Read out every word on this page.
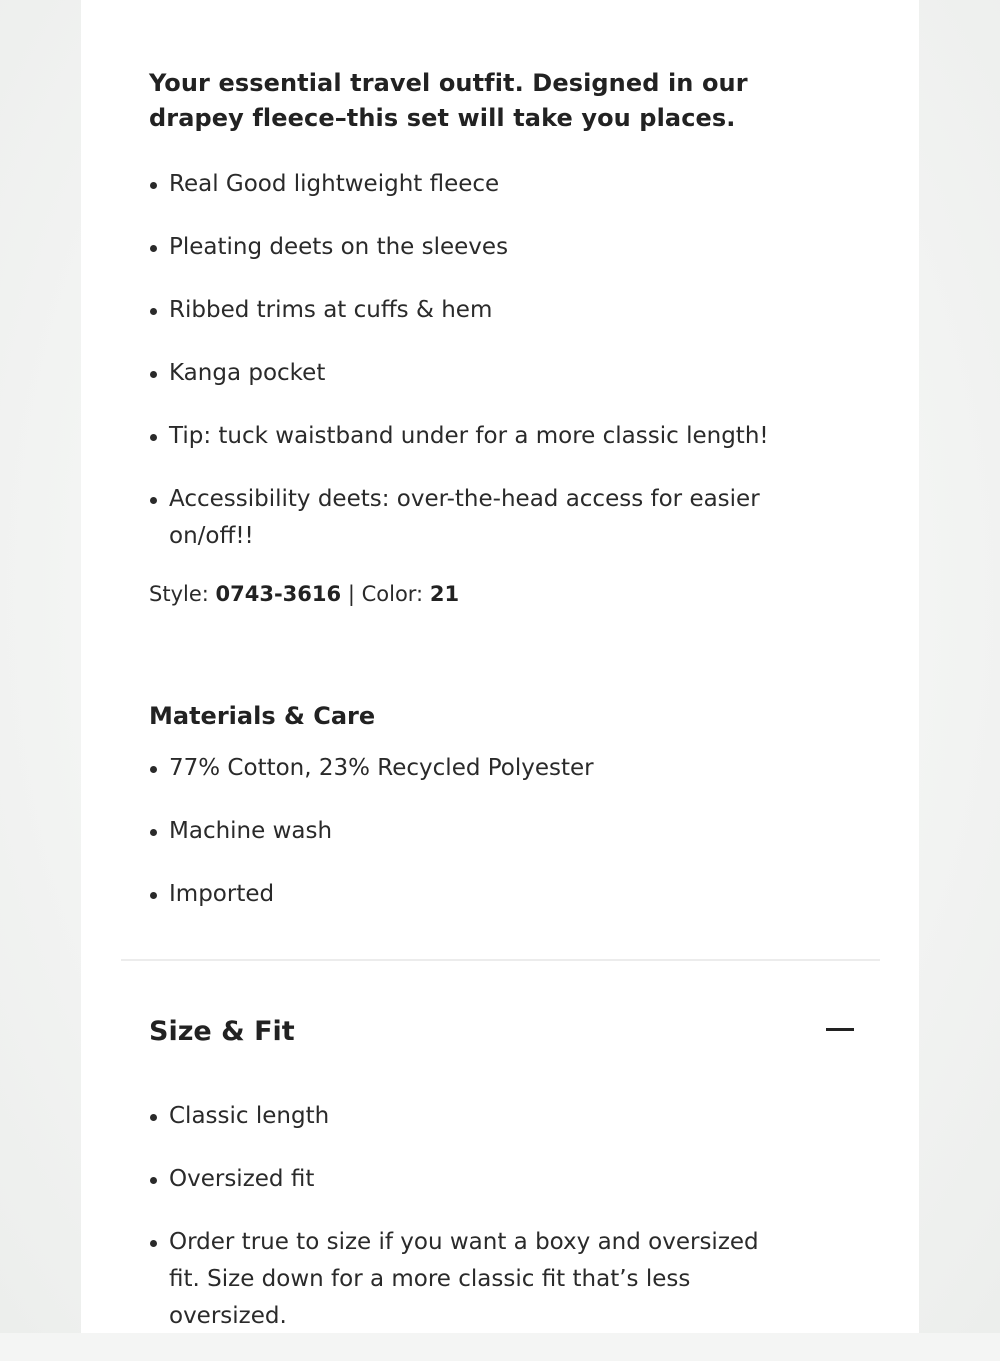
Your essential travel outfit. Designed in our drapey fleece–this set will take you places.
Real Good lightweight fleece
Pleating deets on the sleeves
Ribbed trims at cuffs & hem
Kanga pocket
Tip: tuck waistband under for a more classic length!
Accessibility deets: over-the-head access for easier on/off!!
Style: 0743-3616 | Color: 21
Materials & Care
77% Cotton, 23% Recycled Polyester
Machine wash
Imported
Size & Fit
Classic length
Oversized fit
Order true to size if you want a boxy and oversized fit. Size down for a more classic fit that’s less oversized.
